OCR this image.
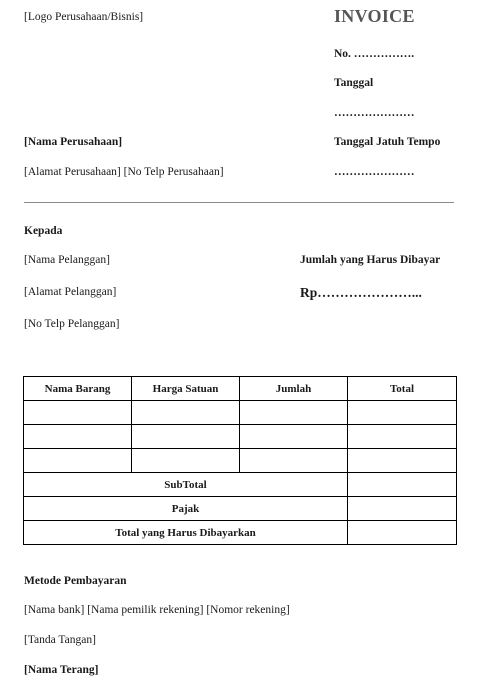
[Logo Perusahaan/Bisnis]	INVOICE
No. …………….
Tanggal
…………………
Tanggal Jatuh Tempo
…………………
[Nama Perusahaan]
[Alamat Perusahaan] [No Telp Perusahaan]
Kepada
[Nama Pelanggan]
[Alamat Pelanggan]
[No Telp Pelanggan]
Jumlah yang Harus Dibayar
Rp…………………...
Nama Barang	Harga Satuan	Jumlah	Total

SubTotal			
Pajak			
Total yang Harus Dibayarkan			
Metode Pembayaran
[Nama bank] [Nama pemilik rekening] [Nomor rekening]
[Tanda Tangan]
[Nama Terang]
